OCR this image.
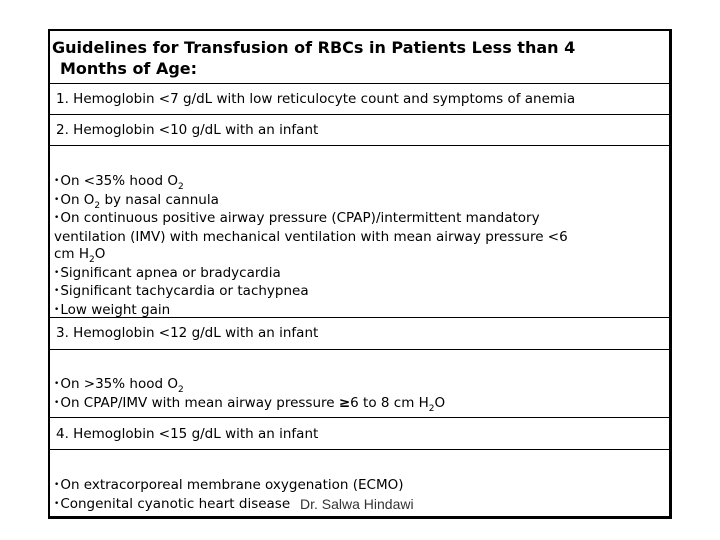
Guidelines for Transfusion of RBCs in Patients Less than 4
Months of Age:
1. Hemoglobin <7 g/dL with low reticulocyte count and symptoms of anemia
2. Hemoglobin <10 g/dL with an infant
•On <35% hood $O_2$
•On $O_2$ by nasal cannula
•On continuous positive airway pressure (CPAP)/intermittent mandatory
ventilation (IMV) with mechanical ventilation with mean airway pressure <6
cm $H_2O$
•Significant apnea or bradycardia
•Significant tachycardia or tachypnea
•Low weight gain
3. Hemoglobin <12 g/dL with an infant
•On >35% hood $O_2$
•On CPAP/IMV with mean airway pressure ≥6 to 8 cm $H_2O$
4. Hemoglobin <15 g/dL with an infant
•On extracorporeal membrane oxygenation (ECMO)
•Congenital cyanotic heart disease Dr. Salwa Hindawi
